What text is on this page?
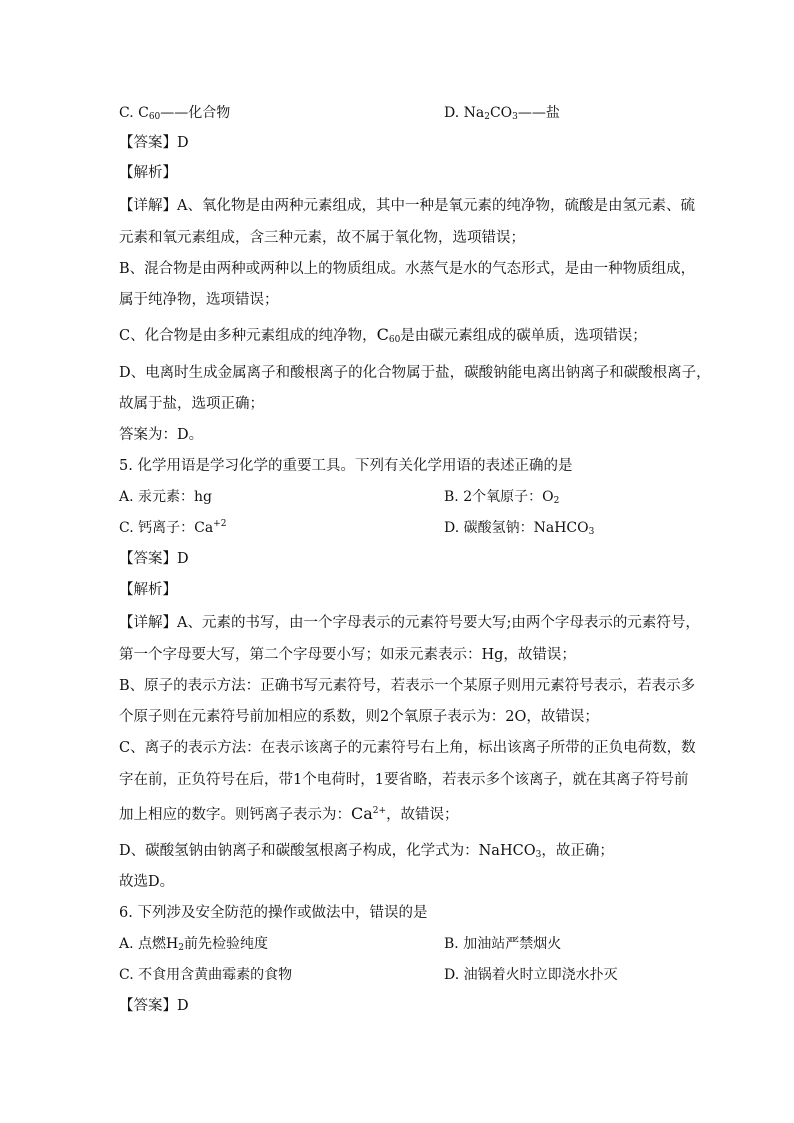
C. $C_{60}——$化合物	D. $Na_2CO_3——$盐
【答案】D
【解析】
【详解】A、氧化物是由两种元素组成，其中一种是氧元素的纯净物，硫酸是由氢元素、硫
元素和氧元素组成，含三种元素，故不属于氧化物，选项错误；
B、混合物是由两种或两种以上的物质组成。水蒸气是水的气态形式，是由一种物质组成，
属于纯净物，选项错误；
C、化合物是由多种元素组成的纯净物，$C_{60}$是由碳元素组成的碳单质，选项错误；
D、电离时生成金属离子和酸根离子的化合物属于盐，碳酸钠能电离出钠离子和碳酸根离子，
故属于盐，选项正确；
答案为：D。
5. 化学用语是学习化学的重要工具。下列有关化学用语的表述正确的是
A. 汞元素：hg	B. 2个氧原子：$O_2$
C. 钙离子：$Ca^{+2}$	D. 碳酸氢钠：NaHCO$_3$
【答案】D
【解析】
【详解】A、元素的书写，由一个字母表示的元素符号要大写;由两个字母表示的元素符号，
第一个字母要大写，第二个字母要小写；如汞元素表示：Hg，故错误；
B、原子的表示方法：正确书写元素符号，若表示一个某原子则用元素符号表示，若表示多
个原子则在元素符号前加相应的系数，则2个氧原子表示为：2O，故错误；
C、离子的表示方法：在表示该离子的元素符号右上角，标出该离子所带的正负电荷数，数
字在前，正负符号在后，带1个电荷时，1要省略，若表示多个该离子，就在其离子符号前
加上相应的数字。则钙离子表示为：$Ca^{2+}$，故错误；
D、碳酸氢钠由钠离子和碳酸氢根离子构成，化学式为：NaHCO$_3$，故正确；
故选D。
6. 下列涉及安全防范的操作或做法中，错误的是
A. 点燃$H_2$前先检验纯度	B. 加油站严禁烟火
C. 不食用含黄曲霉素的食物	D. 油锅着火时立即浇水扑灭
【答案】D
